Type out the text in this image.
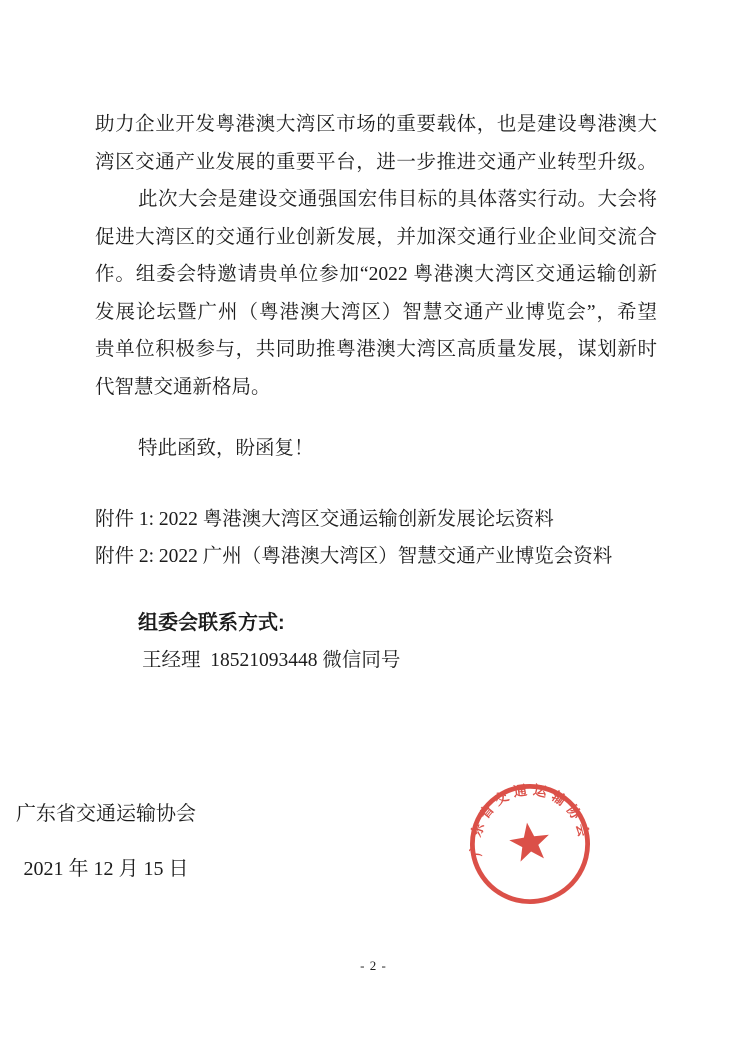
助力企业开发粤港澳大湾区市场的重要载体，也是建设粤港澳大
湾区交通产业发展的重要平台，进一步推进交通产业转型升级。
此次大会是建设交通强国宏伟目标的具体落实行动。大会将
促进大湾区的交通行业创新发展，并加深交通行业企业间交流合
作。组委会特邀请贵单位参加“2022 粤港澳大湾区交通运输创新
发展论坛暨广州（粤港澳大湾区）智慧交通产业博览会”，希望
贵单位积极参与，共同助推粤港澳大湾区高质量发展，谋划新时
代智慧交通新格局。
特此函致，盼函复！
附件 1: 2022 粤港澳大湾区交通运输创新发展论坛资料
附件 2: 2022 广州（粤港澳大湾区）智慧交通产业博览会资料
组委会联系方式:
王经理  18521093448 微信同号
广东省交通运输协会
2021 年 12 月 15 日
广东省交通运输协会
- 2 -
